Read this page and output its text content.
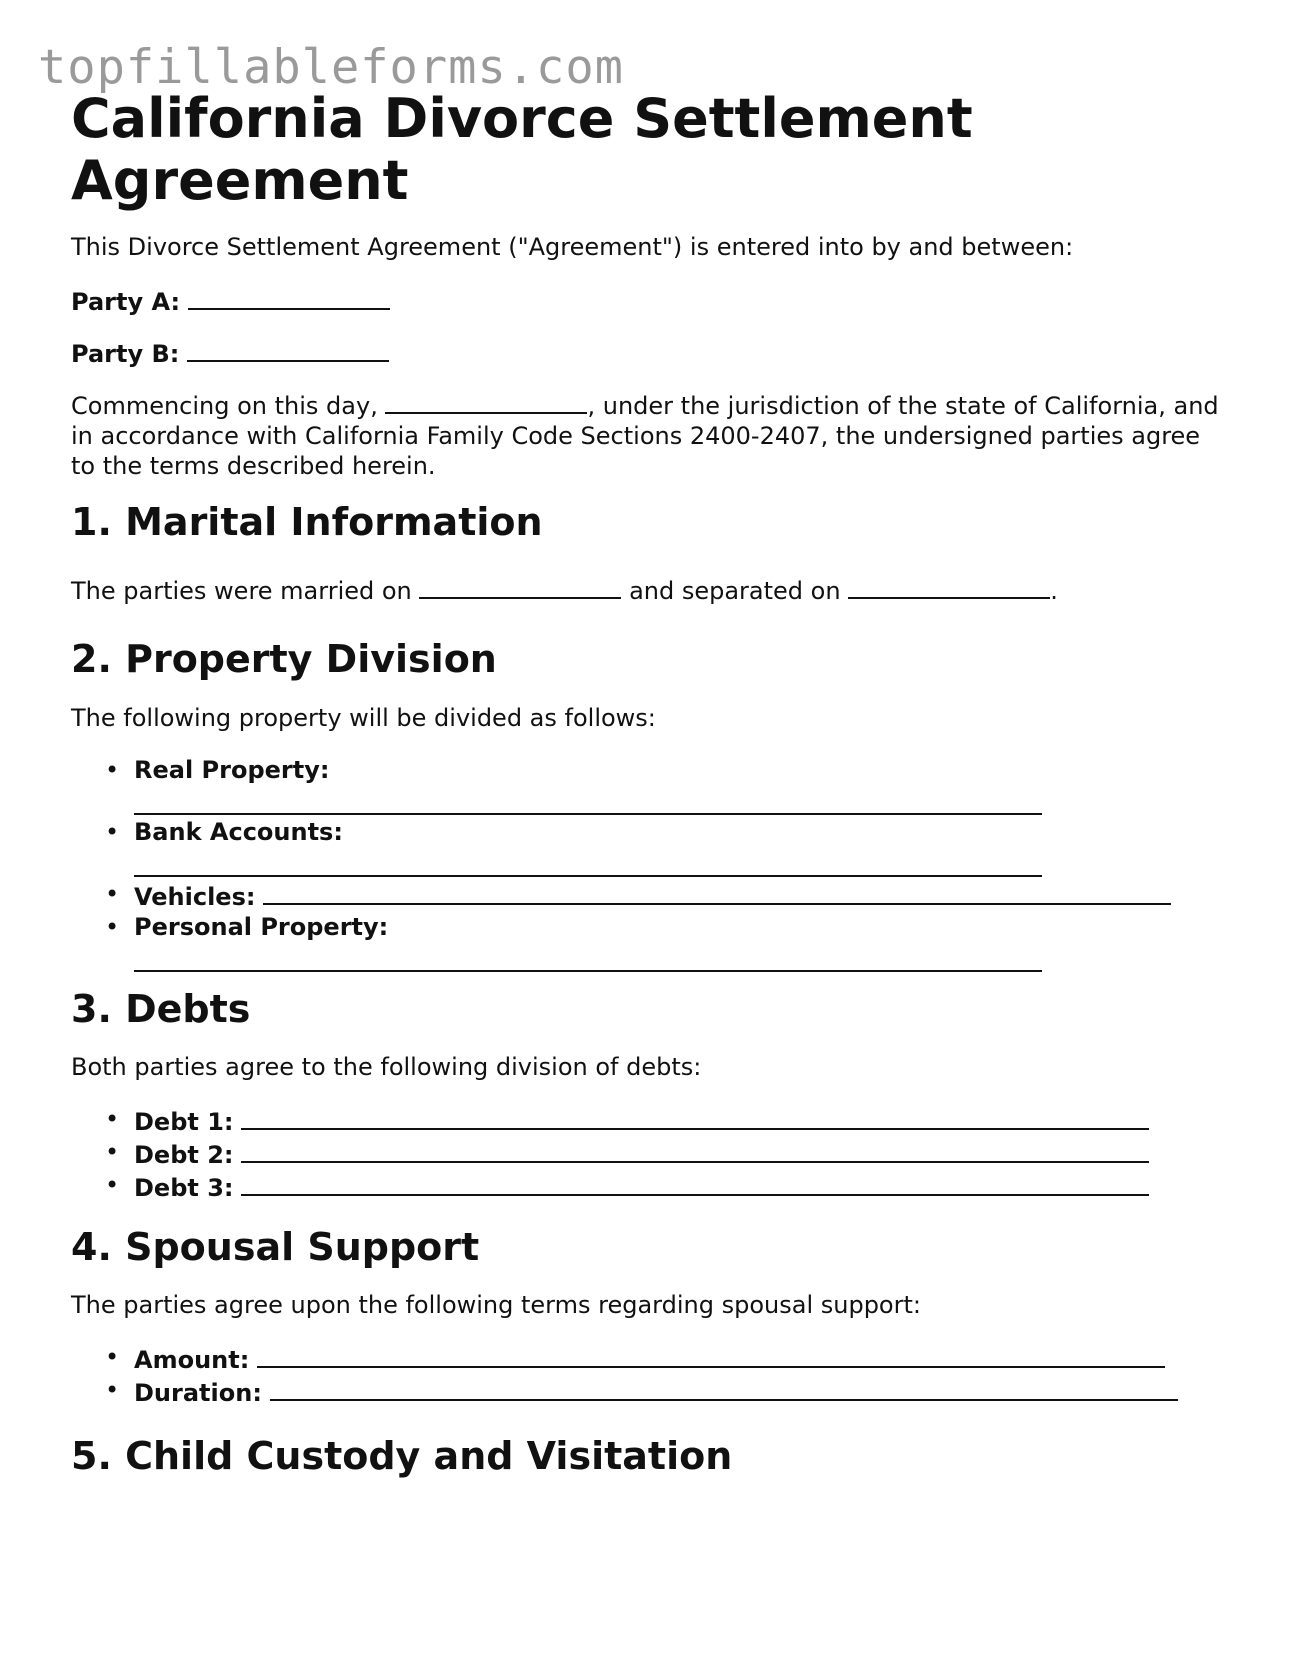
topfillableforms.com
California Divorce Settlement Agreement

This Divorce Settlement Agreement ("Agreement") is entered into by and between:

Party A:

Party B:

Commencing on this day,	, under the jurisdiction of the state of California, and in accordance with California Family Code Sections 2400-2407, the undersigned parties agree to the terms described herein.

1. Marital Information

The parties were married on	and separated on	.

2. Property Division

The following property will be divided as follows:

• Real Property:
• Bank Accounts:
• Vehicles:
• Personal Property:
3. Debts

Both parties agree to the following division of debts:

• Debt 1:
• Debt 2:
• Debt 3:
4. Spousal Support

The parties agree upon the following terms regarding spousal support:

• Amount:
• Duration:
5. Child Custody and Visitation
